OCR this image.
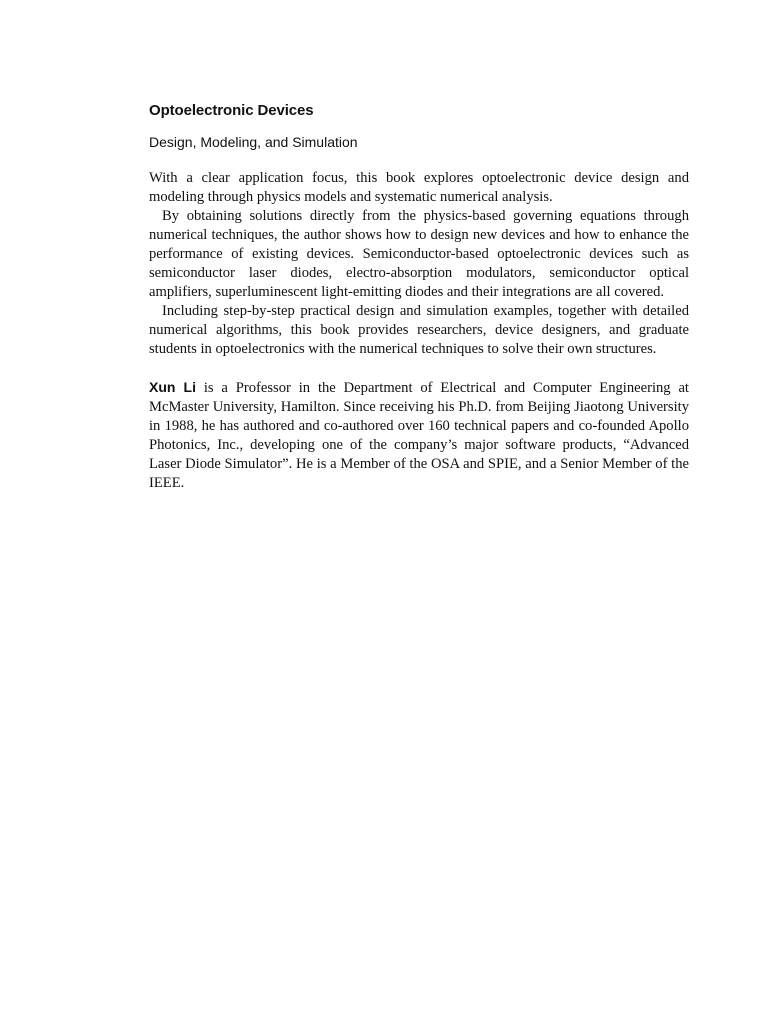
Optoelectronic Devices

Design, Modeling, and Simulation

With a clear application focus, this book explores optoelectronic device design and modeling through physics models and systematic numerical analysis.

By obtaining solutions directly from the physics-based governing equations through numerical techniques, the author shows how to design new devices and how to enhance the performance of existing devices. Semiconductor-based optoelectronic devices such as semiconductor laser diodes, electro-absorption modulators, semiconductor optical amplifiers, superluminescent light-emitting diodes and their integrations are all covered.

Including step-by-step practical design and simulation examples, together with detailed numerical algorithms, this book provides researchers, device designers, and graduate students in optoelectronics with the numerical techniques to solve their own structures.

Xun Li is a Professor in the Department of Electrical and Computer Engineering at McMaster University, Hamilton. Since receiving his Ph.D. from Beijing Jiaotong University in 1988, he has authored and co-authored over 160 technical papers and co-founded Apollo Photonics, Inc., developing one of the company’s major software products, “Advanced Laser Diode Simulator”. He is a Member of the OSA and SPIE, and a Senior Member of the IEEE.
